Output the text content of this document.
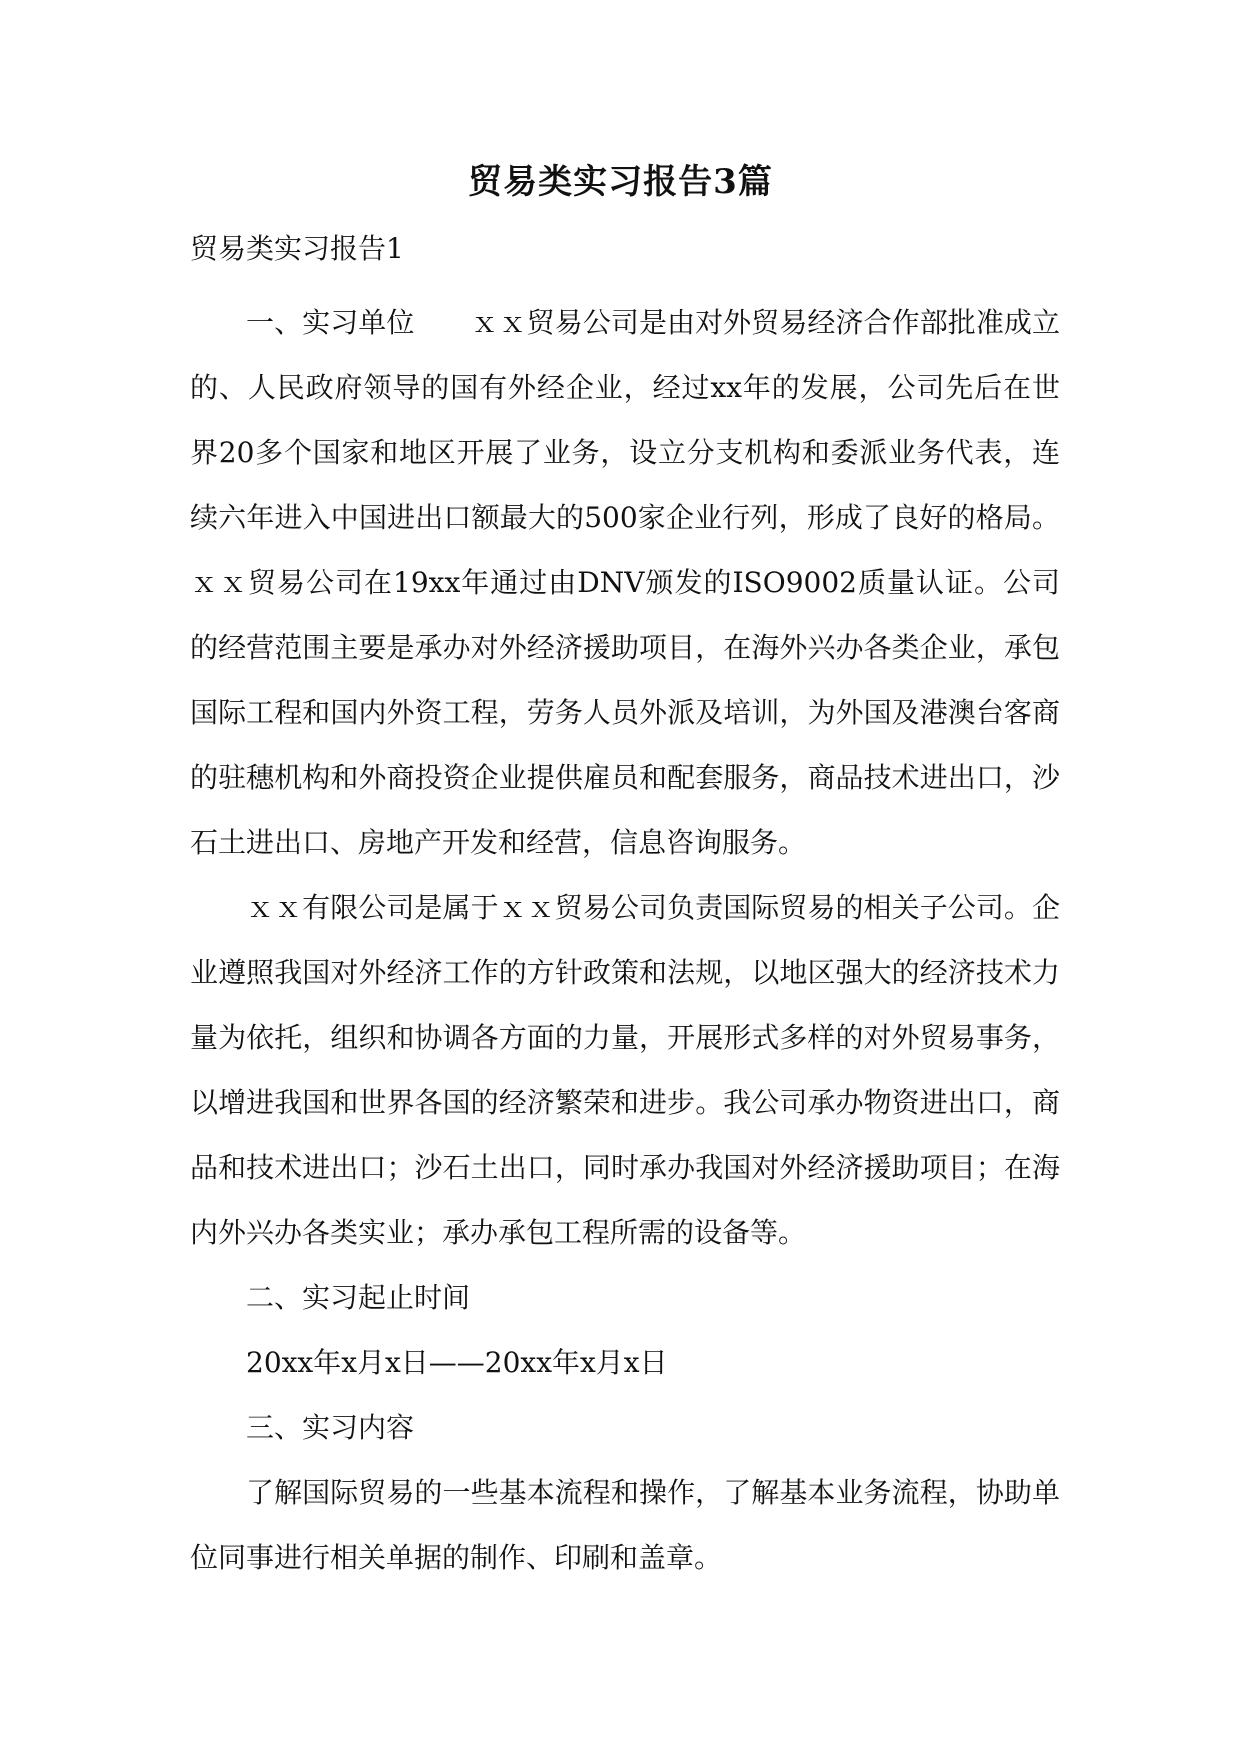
贸易类实习报告3篇
贸易类实习报告1

一、实习单位 ｘｘ贸易公司是由对外贸易经济合作部批准成立的、人民政府领导的国有外经企业，经过xx年的发展，公司先后在世界20多个国家和地区开展了业务，设立分支机构和委派业务代表，连续六年进入中国进出口额最大的500家企业行列，形成了良好的格局。ｘｘ贸易公司在19xx年通过由DNV颁发的ISO9002质量认证。公司的经营范围主要是承办对外经济援助项目，在海外兴办各类企业，承包国际工程和国内外资工程，劳务人员外派及培训，为外国及港澳台客商的驻穗机构和外商投资企业提供雇员和配套服务，商品技术进出口，沙石土进出口、房地产开发和经营，信息咨询服务。

ｘｘ有限公司是属于ｘｘ贸易公司负责国际贸易的相关子公司。企业遵照我国对外经济工作的方针政策和法规，以地区强大的经济技术力量为依托，组织和协调各方面的力量，开展形式多样的对外贸易事务，以增进我国和世界各国的经济繁荣和进步。我公司承办物资进出口，商品和技术进出口；沙石土出口，同时承办我国对外经济援助项目；在海内外兴办各类实业；承办承包工程所需的设备等。

二、实习起止时间

20xx年x月x日——20xx年x月x日

三、实习内容

了解国际贸易的一些基本流程和操作，了解基本业务流程，协助单位同事进行相关单据的制作、印刷和盖章。
